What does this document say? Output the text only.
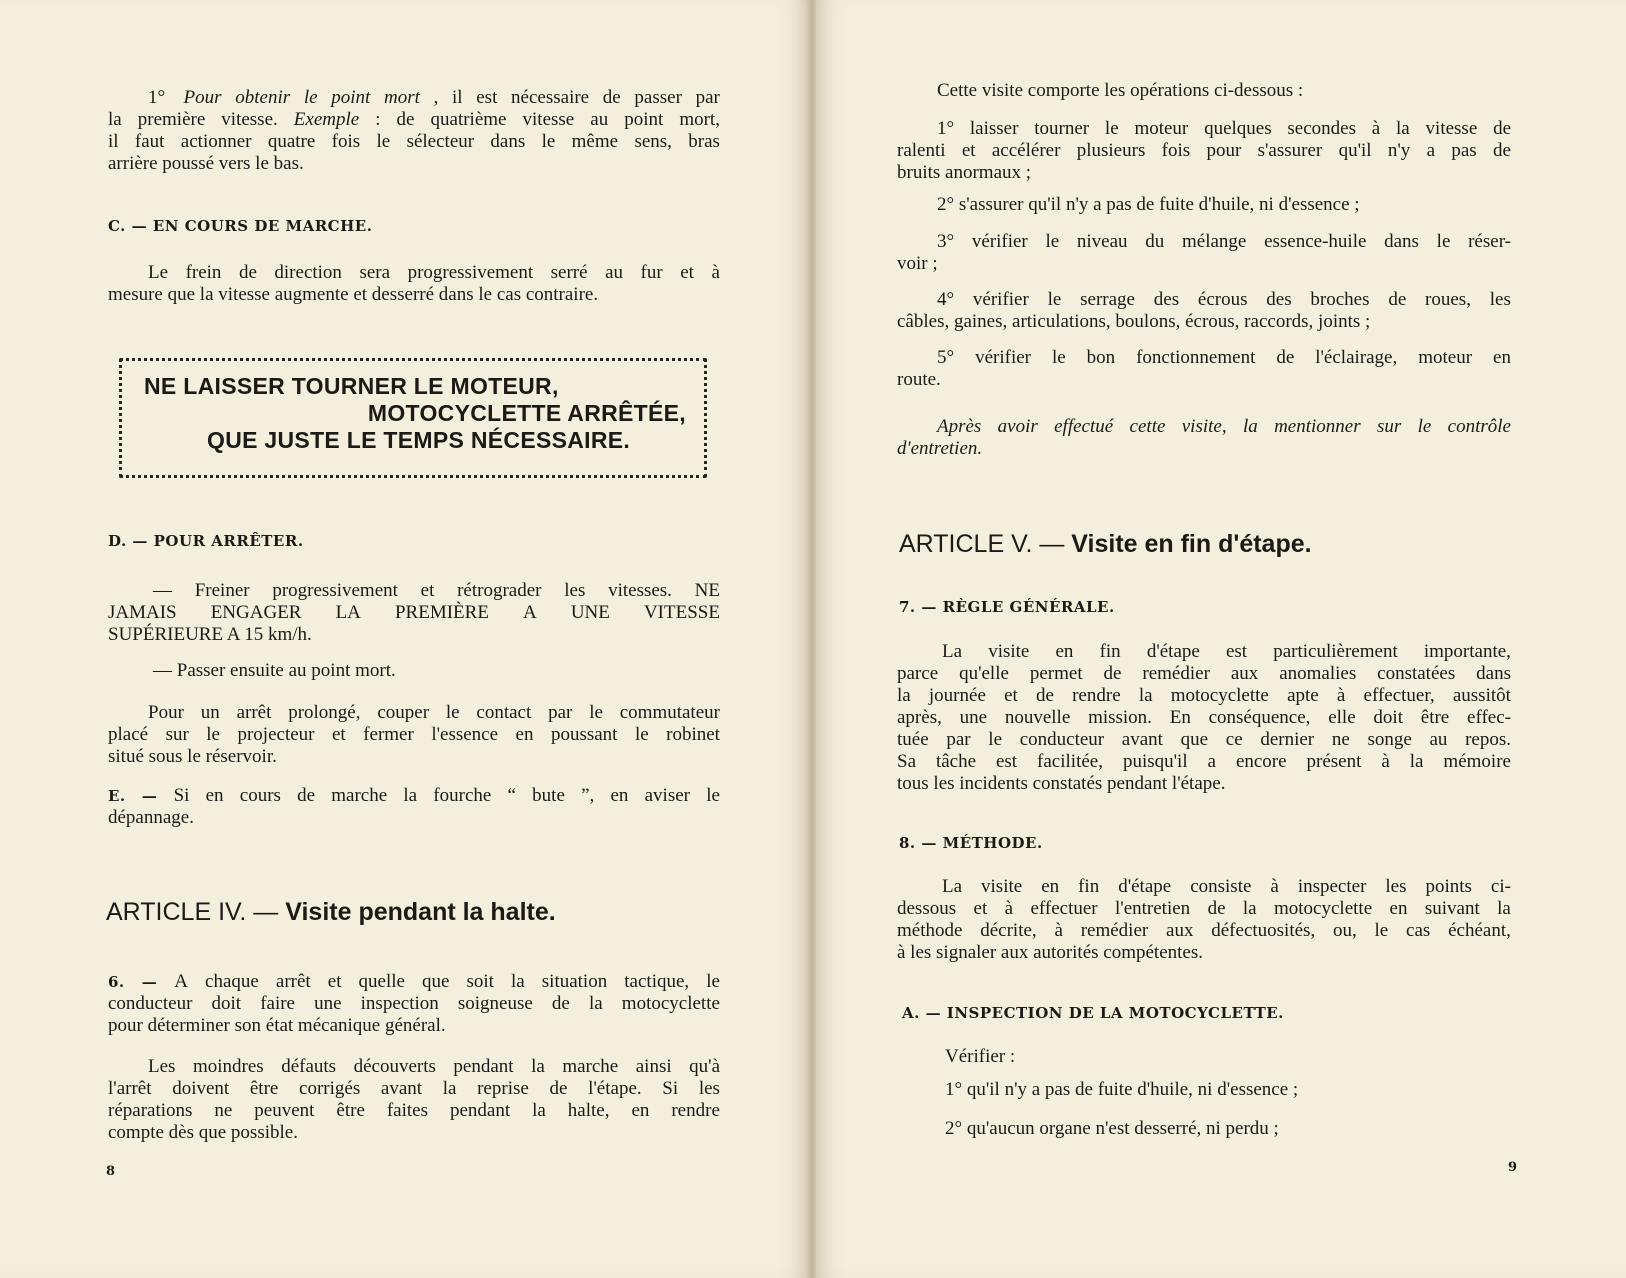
1° Pour obtenir le point mort , il est nécessaire de passer par
la première vitesse. Exemple : de quatrième vitesse au point mort,
il faut actionner quatre fois le sélecteur dans le même sens, bras
arrière poussé vers le bas.
C. — EN COURS DE MARCHE.
Le frein de direction sera progressivement serré au fur et à
mesure que la vitesse augmente et desserré dans le cas contraire.
NE LAISSER TOURNER LE MOTEUR,
MOTOCYCLETTE ARRÊTÉE,
QUE JUSTE LE TEMPS NÉCESSAIRE.
D. — POUR ARRÊTER.
— Freiner progressivement et rétrograder les vitesses. NE
JAMAIS ENGAGER LA PREMIÈRE A UNE VITESSE
SUPÉRIEURE A 15 km/h.
— Passer ensuite au point mort.
Pour un arrêt prolongé, couper le contact par le commutateur
placé sur le projecteur et fermer l'essence en poussant le robinet
situé sous le réservoir.
E. — Si en cours de marche la fourche “ bute ”, en aviser le
dépannage.
ARTICLE IV. — Visite pendant la halte.
6. — A chaque arrêt et quelle que soit la situation tactique, le
conducteur doit faire une inspection soigneuse de la motocyclette
pour déterminer son état mécanique général.
Les moindres défauts découverts pendant la marche ainsi qu'à
l'arrêt doivent être corrigés avant la reprise de l'étape. Si les
réparations ne peuvent être faites pendant la halte, en rendre
compte dès que possible.
8
Cette visite comporte les opérations ci-dessous :
1° laisser tourner le moteur quelques secondes à la vitesse de
ralenti et accélérer plusieurs fois pour s'assurer qu'il n'y a pas de
bruits anormaux ;
2° s'assurer qu'il n'y a pas de fuite d'huile, ni d'essence ;
3° vérifier le niveau du mélange essence-huile dans le réser-
voir ;
4° vérifier le serrage des écrous des broches de roues, les
câbles, gaines, articulations, boulons, écrous, raccords, joints ;
5° vérifier le bon fonctionnement de l'éclairage, moteur en
route.
Après avoir effectué cette visite, la mentionner sur le contrôle
d'entretien.
ARTICLE V. — Visite en fin d'étape.
7. — RÈGLE GÉNÉRALE.
La visite en fin d'étape est particulièrement importante,
parce qu'elle permet de remédier aux anomalies constatées dans
la journée et de rendre la motocyclette apte à effectuer, aussitôt
après, une nouvelle mission. En conséquence, elle doit être effec-
tuée par le conducteur avant que ce dernier ne songe au repos.
Sa tâche est facilitée, puisqu'il a encore présent à la mémoire
tous les incidents constatés pendant l'étape.
8. — MÉTHODE.
La visite en fin d'étape consiste à inspecter les points ci-
dessous et à effectuer l'entretien de la motocyclette en suivant la
méthode décrite, à remédier aux défectuosités, ou, le cas échéant,
à les signaler aux autorités compétentes.
A. — INSPECTION DE LA MOTOCYCLETTE.
Vérifier :
1° qu'il n'y a pas de fuite d'huile, ni d'essence ;
2° qu'aucun organe n'est desserré, ni perdu ;
9
